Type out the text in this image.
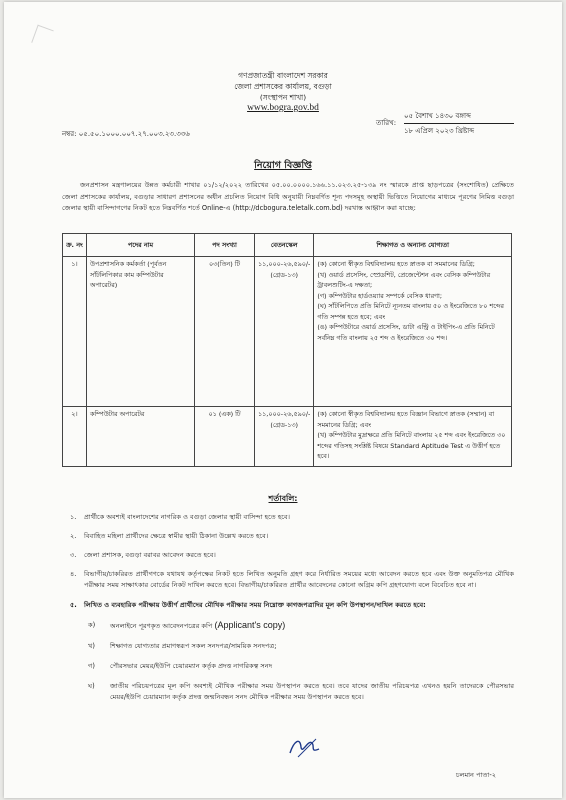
গণপ্রজাতন্ত্রী বাংলাদেশ সরকার
জেলা প্রশাসকের কার্যালয়, বগুড়া
(সংস্থাপন শাখা)
www.bogra.gov.bd
নম্বর: ০৫.৫০.১০০০.০০৭.২৭.০০৩.২৩.৩৩৬
তারিখ:
০৫ বৈশাখ ১৪৩০ বঙ্গাব্দ
১৮ এপ্রিল ২০২৩ খ্রিষ্টাব্দ
নিয়োগ বিজ্ঞপ্তি
জনপ্রশাসন মন্ত্রণালয়ের উন্নত কর্মচারী শাখার ০১/১২/২০২২ তারিখের ০৫.০০.০০০০.১৬৬.১১.০২৩.২৫-১৩৯ নং স্মারকে প্রাপ্ত ছাড়পত্রের (সংশোধিত) প্রেক্ষিতে জেলা প্রশাসকের কার্যালয়, বগুড়ার সাধারণ প্রশাসনের অধীন প্রচলিত নিয়োগ বিধি অনুযায়ী নিম্নবর্ণিত শূন্য পদসমূহ অস্থায়ী ভিত্তিতে নিয়োগের মাধ্যমে পূরণের নিমিত্ত বগুড়া জেলার স্থায়ী বাসিন্দাগণের নিকট হতে নিম্নবর্ণিত শর্তে Online-এ (http://dcbogura.teletalk.com.bd) দরখাস্ত আহ্বান করা যাচ্ছে:
ক্র. নং	পদের নাম	পদ সংখ্যা	বেতনস্কেল	শিক্ষাগত ও অন্যান্য যোগ্যতা
১।	উপপ্রশাসনিক কর্মকর্তা (পূর্বতন সাঁটলিপিকার কাম কম্পিউটার অপারেটর)	০৩(তিন) টি	১১,০০০-২৬,৫৯০/- (গ্রেড-১৩)	(ক) কোনো স্বীকৃত বিশ্ববিদ্যালয় হতে স্নাতক বা সমমানের ডিগ্রি;

(খ) ওয়ার্ড প্রসেসিং, স্প্রেডশিট, প্রেজেন্টেশন এবং বেসিক কম্পিউটার ট্রাবলশুটিং-এ দক্ষতা;

(গ) কম্পিউটার হার্ডওয়্যার সম্পর্কে বেসিক ধারণা;

(ঘ) সাঁটলিপিতে প্রতি মিনিটে ন্যূনতম বাংলায় ৫০ ও ইংরেজিতে ৮০ শব্দের গতি সম্পন্ন হতে হবে; এবং

(ঙ) কম্পিউটারে ওয়ার্ড প্রসেসিং, ডাটা এন্ট্রি ও টাইপিং-এ প্রতি মিনিটে সর্বনিম্ন গতি বাংলায় ২৫ শব্দ ও ইংরেজিতে ৩০ শব্দ।

২।	কম্পিউটার অপারেটর	০১ (এক) টি	১১,০০০-২৬,৫৯০/- (গ্রেড-১৩)	(ক) কোনো স্বীকৃত বিশ্ববিদ্যালয় হতে বিজ্ঞান বিভাগে স্নাতক (সম্মান) বা সমমানের ডিগ্রি; এবং

(খ) কম্পিউটার মুদ্রাক্ষরে প্রতি মিনিটে বাংলায় ২৫ শব্দ এবং ইংরেজিতে ৩০ শব্দের গতিসহ সংশ্লিষ্ট বিষয়ে Standard Aptitude Test এ উত্তীর্ণ হতে হবে।

শর্তাবলি:
১. প্রার্থীকে অবশ্যই বাংলাদেশের নাগরিক ও বগুড়া জেলার স্থায়ী বাসিন্দা হতে হবে।
২. বিবাহিত মহিলা প্রার্থীদের ক্ষেত্রে স্বামীর স্থায়ী ঠিকানা উল্লেখ করতে হবে।
৩. জেলা প্রশাসক, বগুড়া বরাবর আবেদন করতে হবে।
৪. বিভাগীয়/চাকরিরত প্রার্থীগণকে যথাযথ কর্তৃপক্ষের নিকট হতে লিখিত অনুমতি গ্রহণ করে নির্ধারিত সময়ের মধ্যে আবেদন করতে হবে এবং উক্ত অনুমতিপত্র মৌখিক পরীক্ষার সময় সাক্ষাৎকার বোর্ডের নিকট দাখিল করতে হবে। বিভাগীয়/চাকরিরত প্রার্থীর আবেদনের কোনো অগ্রিম কপি গ্রহণযোগ্য বলে বিবেচিত হবে না।
৫. লিখিত ও ব্যবহারিক পরীক্ষায় উত্তীর্ণ প্রার্থীদের মৌখিক পরীক্ষার সময় নিম্নোক্ত কাগজপত্রাদির মূল কপি উপস্থাপন/দাখিল করতে হবে:
ক) অনলাইনে পূরণকৃত আবেদনপত্রের কপি (Applicant's copy)
খ) শিক্ষাগত যোগ্যতার প্রমাণস্বরূপ সকল সনদপত্র/সাময়িক সনদপত্র;
গ) পৌরসভার মেয়র/ইউপি চেয়ারম্যান কর্তৃক প্রদত্ত নাগরিকত্ব সনদ
ঘ) জাতীয় পরিচয়পত্রের মূল কপি অবশ্যই মৌখিক পরীক্ষার সময় উপস্থাপন করতে হবে। তবে যাদের জাতীয় পরিচয়পত্র এখনও হয়নি তাদেরকে পৌরসভার মেয়র/ইউপি চেয়ারম্যান কর্তৃক প্রদত্ত জন্মনিবন্ধন সনদ মৌখিক পরীক্ষার সময় উপস্থাপন করতে হবে।
চলমান পাতা-২
